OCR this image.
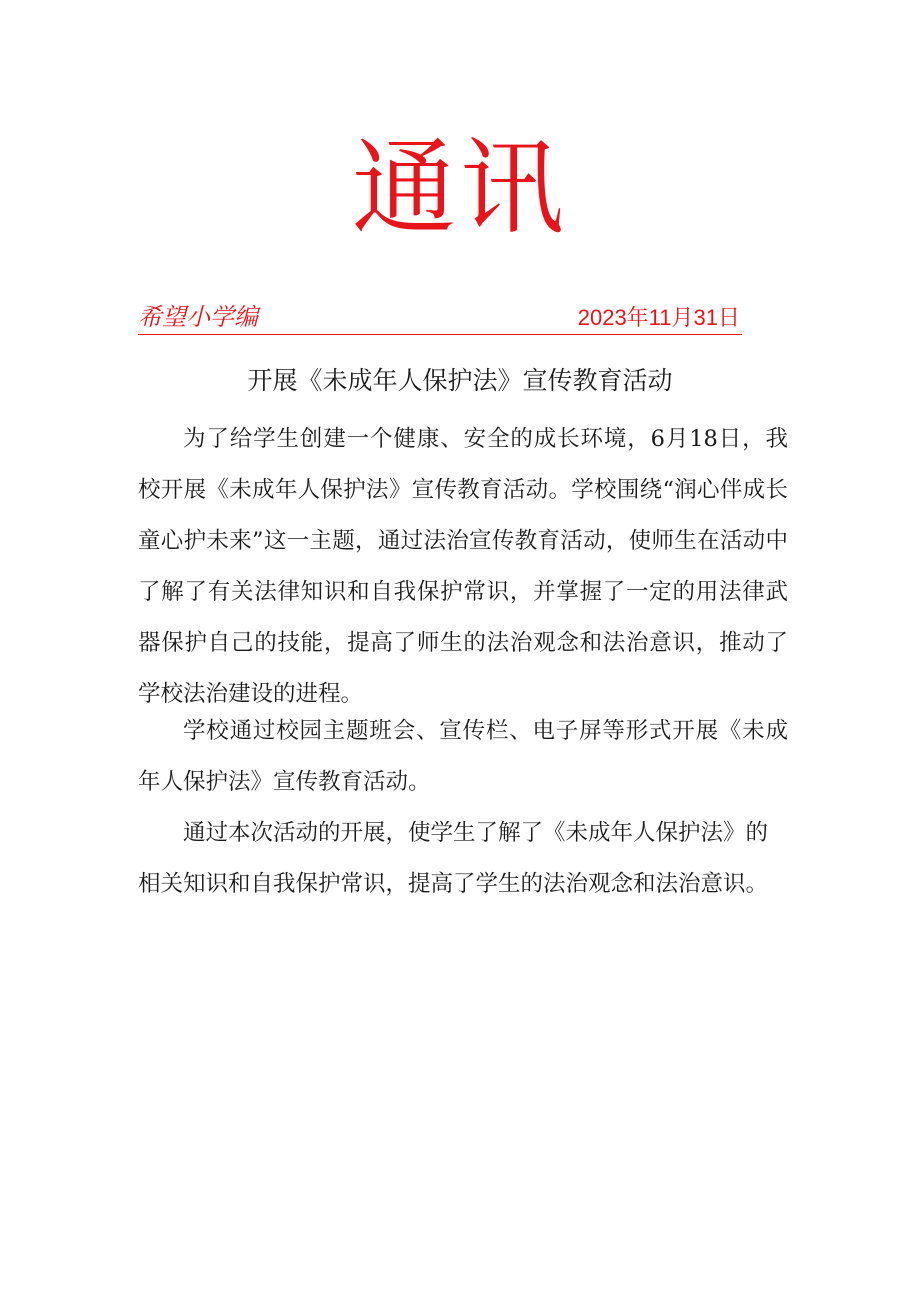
通讯
希望小学编	2023年11月31日
开展《未成年人保护法》宣传教育活动

为了给学生创建一个健康、安全的成长环境，6月18日，我校开展《未成年人保护法》宣传教育活动。学校围绕“润心伴成长童心护未来”这一主题，通过法治宣传教育活动，使师生在活动中了解了有关法律知识和自我保护常识，并掌握了一定的用法律武器保护自己的技能，提高了师生的法治观念和法治意识，推动了学校法治建设的进程。

学校通过校园主题班会、宣传栏、电子屏等形式开展《未成年人保护法》宣传教育活动。

通过本次活动的开展，使学生了解了《未成年人保护法》的

相关知识和自我保护常识，提高了学生的法治观念和法治意识。
